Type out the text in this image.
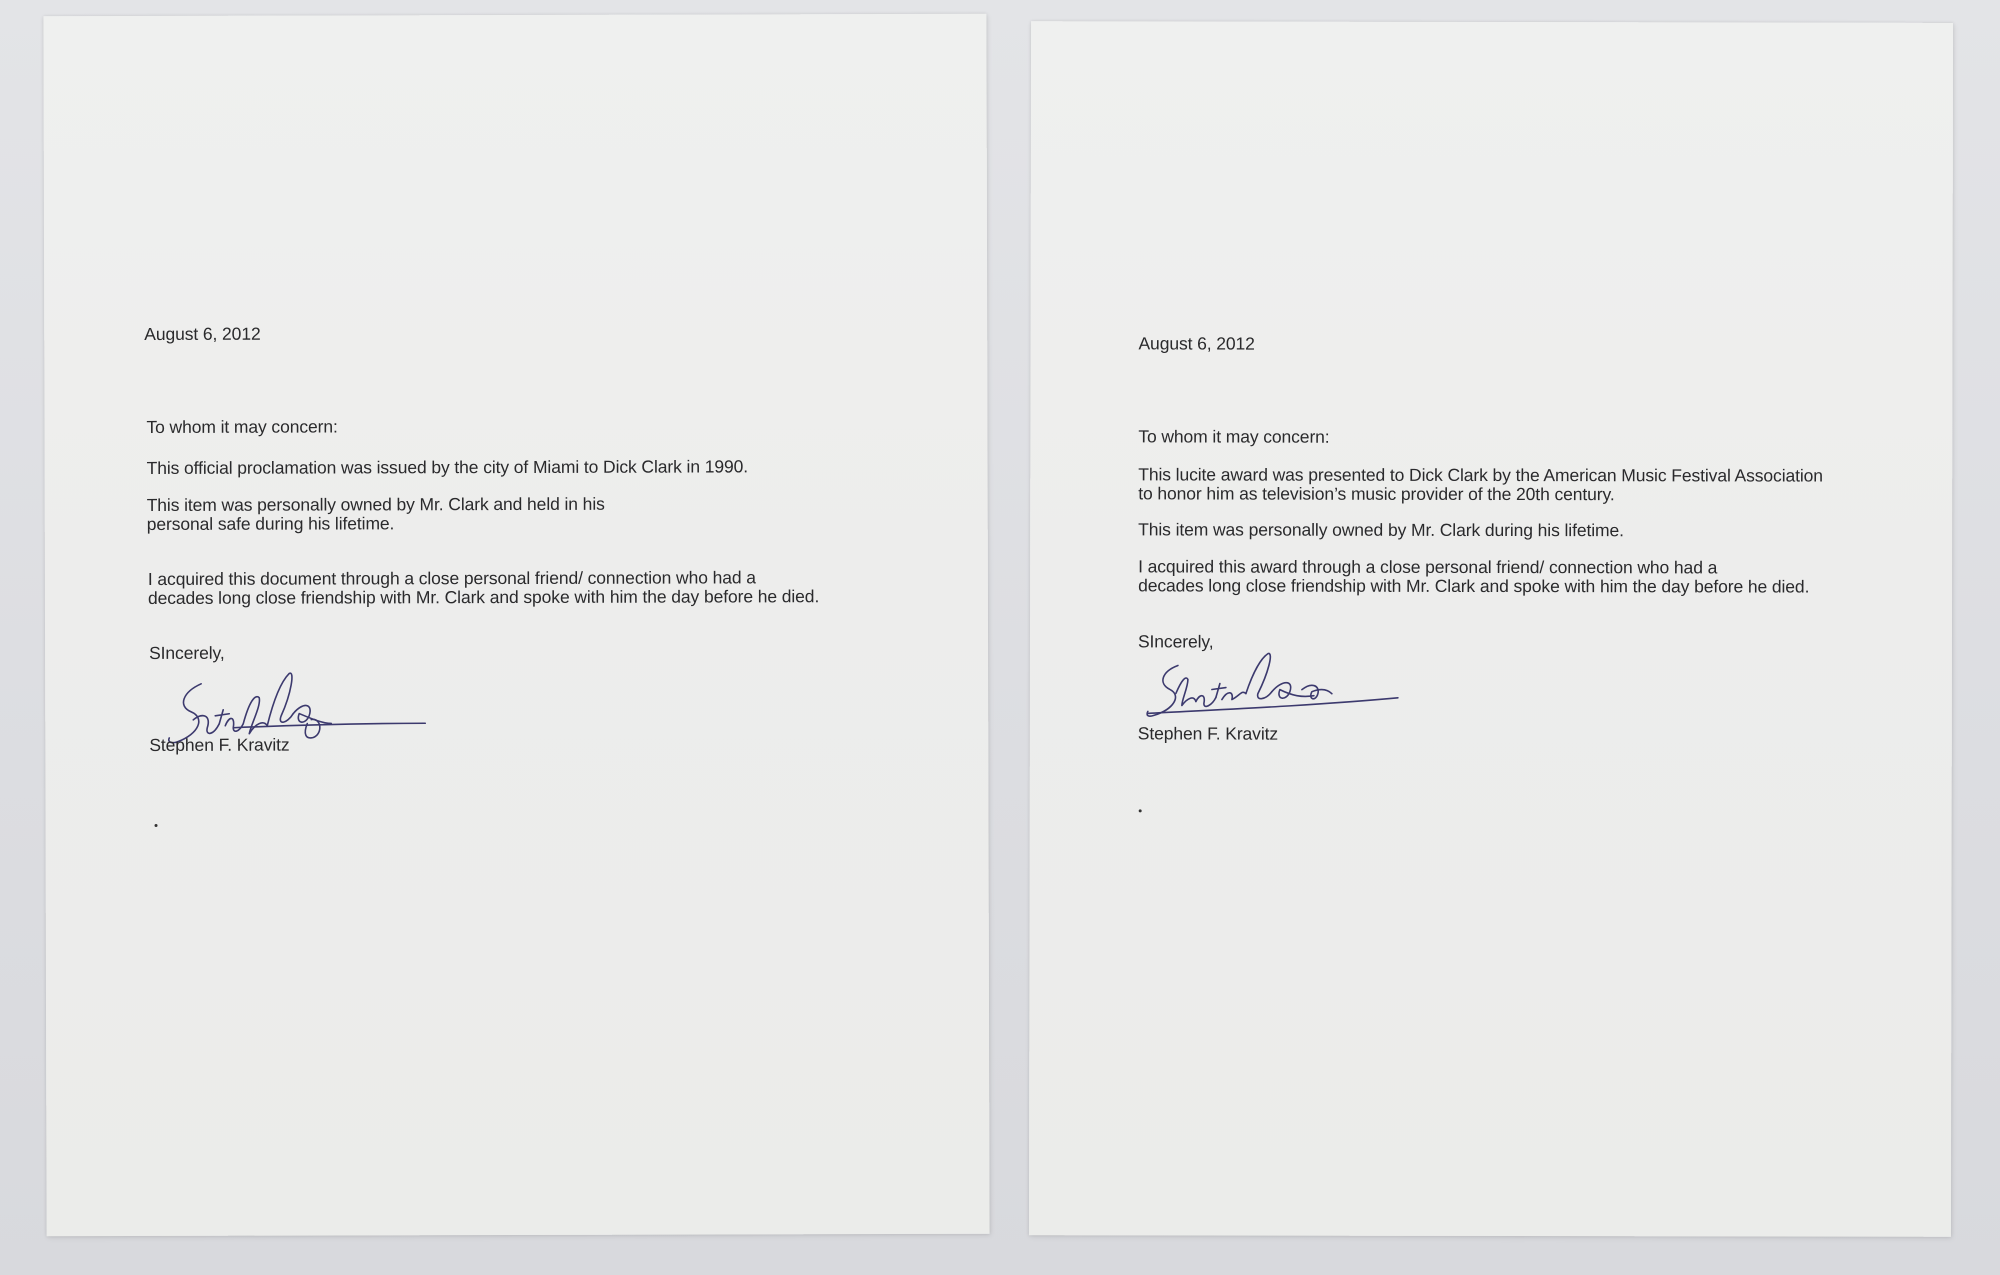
August 6, 2012
To whom it may concern:
This official proclamation was issued by the city of Miami to Dick Clark in 1990.
This item was personally owned by Mr. Clark and held in his
personal safe during his lifetime.
I acquired this document through a close personal friend/ connection who had a
decades long close friendship with Mr. Clark and spoke with him the day before he died.
SIncerely,
Stephen F. Kravitz
August 6, 2012
To whom it may concern:
This lucite award was presented to Dick Clark by the American Music Festival Association
to honor him as television’s music provider of the 20th century.
This item was personally owned by Mr. Clark during his lifetime.
I acquired this award through a close personal friend/ connection who had a
decades long close friendship with Mr. Clark and spoke with him the day before he died.
SIncerely,
Stephen F. Kravitz
